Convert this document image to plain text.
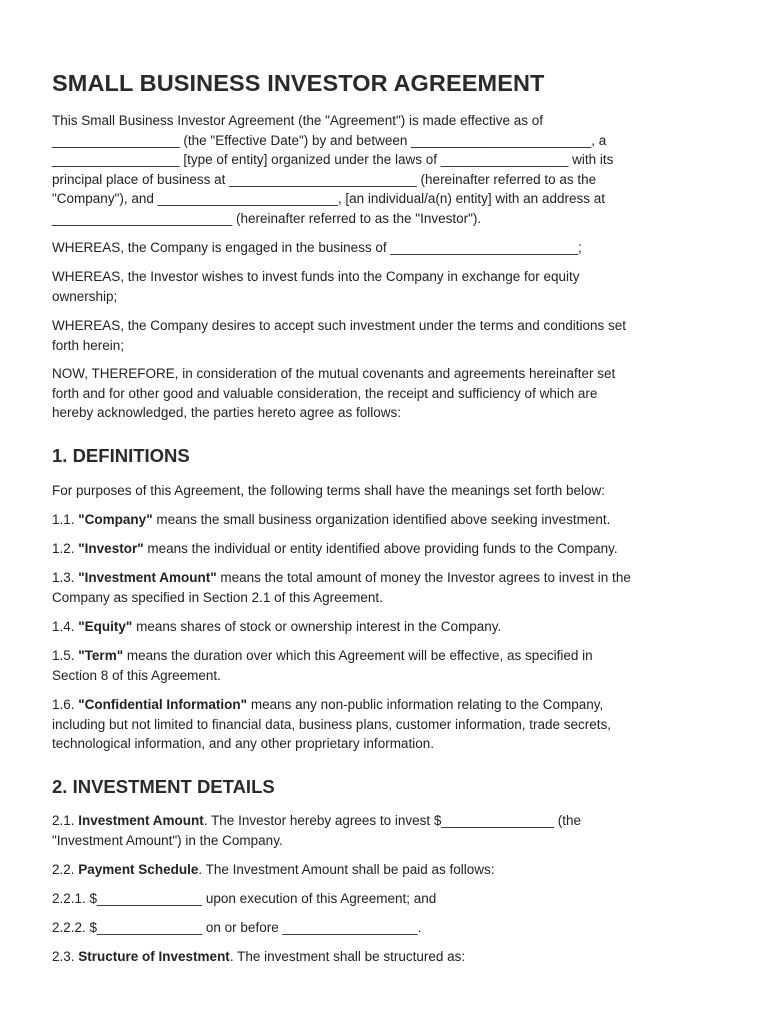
SMALL BUSINESS INVESTOR AGREEMENT

This Small Business Investor Agreement (the "Agreement") is made effective as of
_________________ (the "Effective Date") by and between ________________________, a
_________________ [type of entity] organized under the laws of _________________ with its
principal place of business at _________________________ (hereinafter referred to as the
"Company"), and ________________________, [an individual/a(n) entity] with an address at
________________________ (hereinafter referred to as the "Investor").

WHEREAS, the Company is engaged in the business of _________________________;

WHEREAS, the Investor wishes to invest funds into the Company in exchange for equity
ownership;

WHEREAS, the Company desires to accept such investment under the terms and conditions set
forth herein;

NOW, THEREFORE, in consideration of the mutual covenants and agreements hereinafter set
forth and for other good and valuable consideration, the receipt and sufficiency of which are
hereby acknowledged, the parties hereto agree as follows:

1. DEFINITIONS

For purposes of this Agreement, the following terms shall have the meanings set forth below:

1.1. "Company" means the small business organization identified above seeking investment.

1.2. "Investor" means the individual or entity identified above providing funds to the Company.

1.3. "Investment Amount" means the total amount of money the Investor agrees to invest in the
Company as specified in Section 2.1 of this Agreement.

1.4. "Equity" means shares of stock or ownership interest in the Company.

1.5. "Term" means the duration over which this Agreement will be effective, as specified in
Section 8 of this Agreement.

1.6. "Confidential Information" means any non-public information relating to the Company,
including but not limited to financial data, business plans, customer information, trade secrets,
technological information, and any other proprietary information.

2. INVESTMENT DETAILS

2.1. Investment Amount. The Investor hereby agrees to invest $_______________ (the
"Investment Amount") in the Company.

2.2. Payment Schedule. The Investment Amount shall be paid as follows:

2.2.1. $______________ upon execution of this Agreement; and

2.2.2. $______________ on or before __________________.

2.3. Structure of Investment. The investment shall be structured as:
